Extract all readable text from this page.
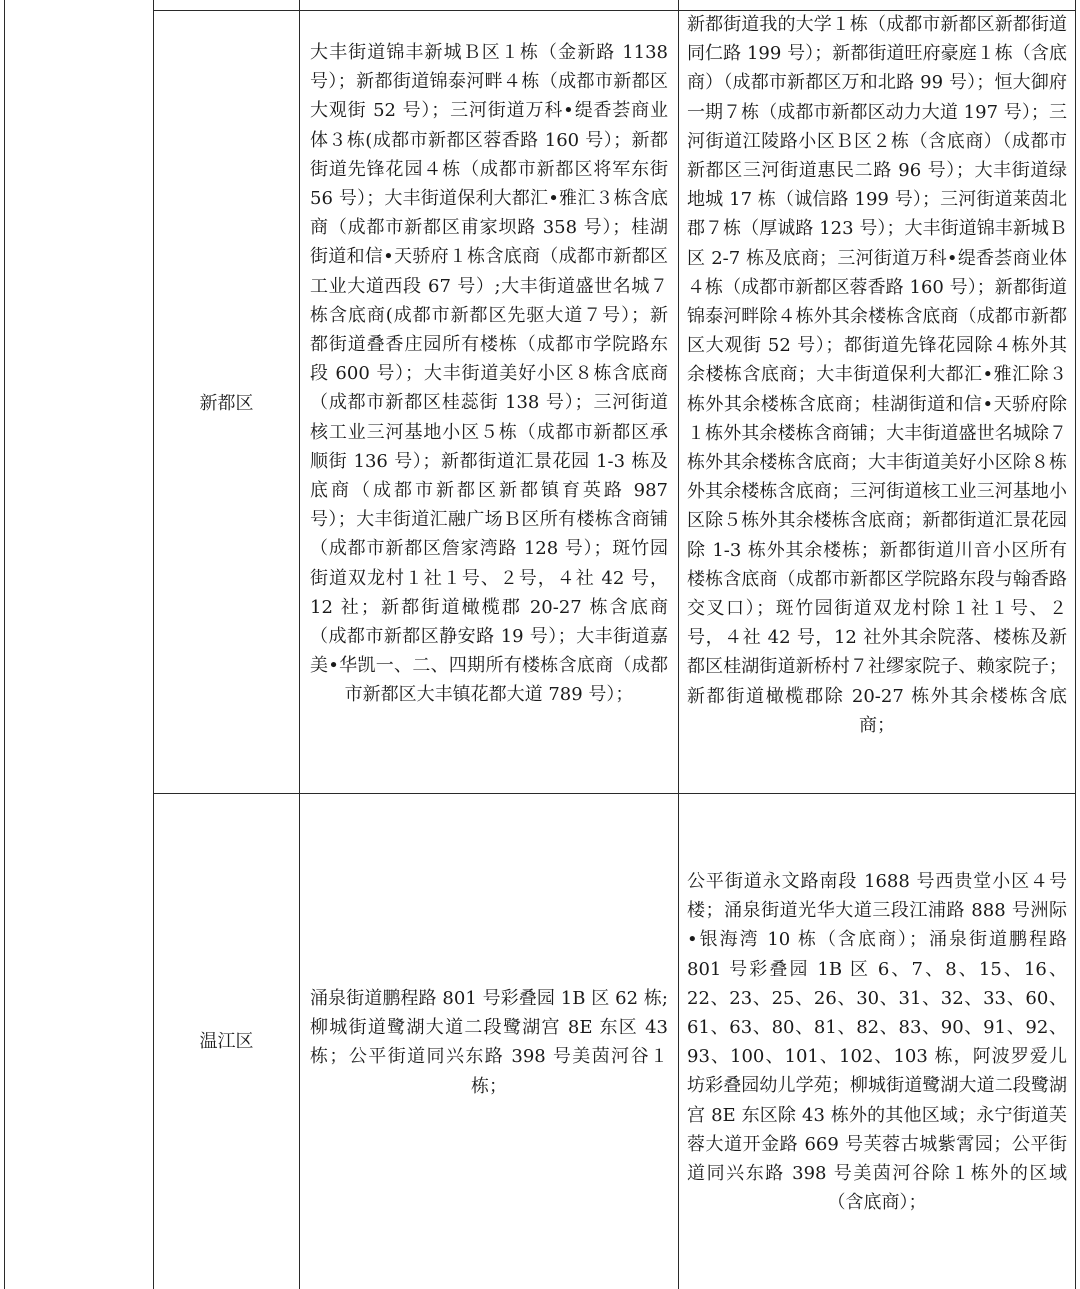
新都区
大丰街道锦丰新城Ｂ区１栋（金新路 1138 号）；新都街道锦泰河畔４栋（成都市新都区大观街 52 号）；三河街道万科•缇香荟商业体３栋(成都市新都区蓉香路 160 号）；新都街道先锋花园４栋（成都市新都区将军东街 56 号）；大丰街道保利大都汇•雅汇３栋含底商（成都市新都区甫家坝路 358 号）；桂湖街道和信•天骄府１栋含底商（成都市新都区工业大道西段 67 号）;大丰街道盛世名城７栋含底商(成都市新都区先驱大道７号）；新都街道叠香庄园所有楼栋（成都市学院路东段 600 号）；大丰街道美好小区８栋含底商（成都市新都区桂蕊街 138 号）；三河街道核工业三河基地小区５栋（成都市新都区承顺街 136 号）；新都街道汇景花园 1-3 栋及底商（成都市新都区新都镇育英路 987 号）；大丰街道汇融广场Ｂ区所有楼栋含商铺（成都市新都区詹家湾路 128 号）；斑竹园街道双龙村１社１号、２号，４社 42 号，12 社；新都街道橄榄郡 20-27 栋含底商（成都市新都区静安路 19 号）；大丰街道嘉美•华凯一、二、四期所有楼栋含底商（成都市新都区大丰镇花都大道 789 号）；
新都街道我的大学１栋（成都市新都区新都街道同仁路 199 号）；新都街道旺府豪庭１栋（含底商）（成都市新都区万和北路 99 号）；恒大御府一期７栋（成都市新都区动力大道 197 号）；三河街道江陵路小区Ｂ区２栋（含底商）（成都市新都区三河街道惠民二路 96 号）；大丰街道绿地城 17 栋（诚信路 199 号）；三河街道莱茵北郡７栋（厚诚路 123 号）；大丰街道锦丰新城Ｂ区 2-7 栋及底商；三河街道万科•缇香荟商业体４栋（成都市新都区蓉香路 160 号）；新都街道锦泰河畔除４栋外其余楼栋含底商（成都市新都区大观街 52 号）；都街道先锋花园除４栋外其余楼栋含底商；大丰街道保利大都汇•雅汇除３栋外其余楼栋含底商；桂湖街道和信•天骄府除１栋外其余楼栋含商铺；大丰街道盛世名城除７栋外其余楼栋含底商；大丰街道美好小区除８栋外其余楼栋含底商；三河街道核工业三河基地小区除５栋外其余楼栋含底商；新都街道汇景花园除 1-3 栋外其余楼栋；新都街道川音小区所有楼栋含底商（成都市新都区学院路东段与翰香路交叉口）；斑竹园街道双龙村除１社１号、２号，４社 42 号，12 社外其余院落、楼栋及新都区桂湖街道新桥村７社缪家院子、赖家院子；新都街道橄榄郡除 20-27 栋外其余楼栋含底商；
温江区
涌泉街道鹏程路 801 号彩叠园 1B 区 62 栋;柳城街道鹭湖大道二段鹭湖宫 8E 东区 43 栋；公平街道同兴东路 398 号美茵河谷１栋；
公平街道永文路南段 1688 号西贵堂小区４号楼；涌泉街道光华大道三段江浦路 888 号洲际•银海湾 10 栋（含底商）；涌泉街道鹏程路 801 号彩叠园 1B 区 6、7、8、15、16、22、23、25、26、30、31、32、33、60、61、63、80、81、82、83、90、91、92、93、100、101、102、103 栋，阿波罗爱儿坊彩叠园幼儿学苑；柳城街道鹭湖大道二段鹭湖宫 8E 东区除 43 栋外的其他区域；永宁街道芙蓉大道开金路 669 号芙蓉古城紫霄园；公平街道同兴东路 398 号美茵河谷除１栋外的区域（含底商）；
